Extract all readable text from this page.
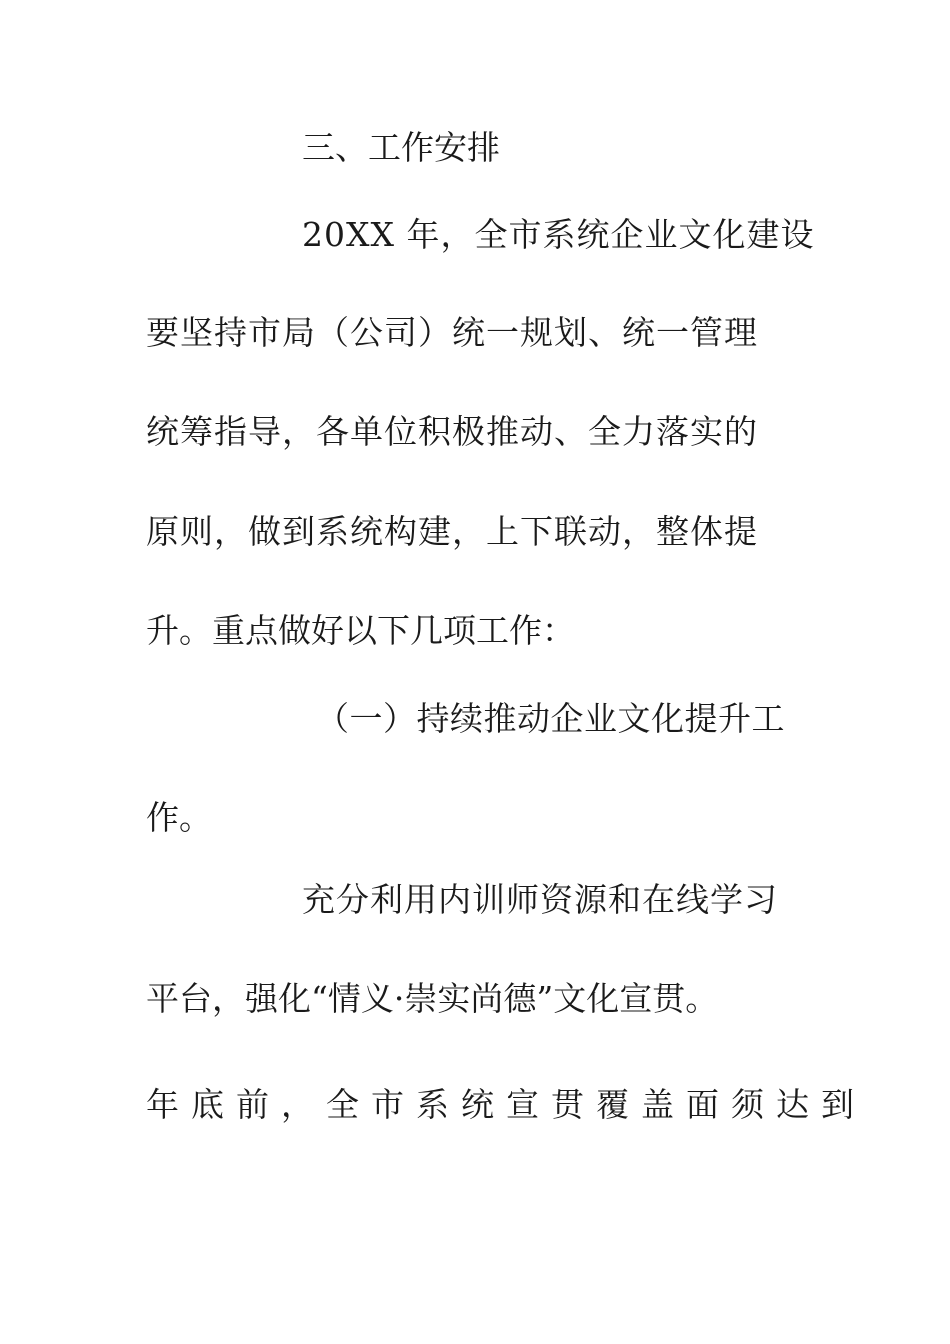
三、工作安排

20XX 年，全市系统企业文化建设

要坚持市局（公司）统一规划、统一管理

统筹指导，各单位积极推动、全力落实的

原则，做到系统构建，上下联动，整体提

升。重点做好以下几项工作：

（一）持续推动企业文化提升工

作。

充分利用内训师资源和在线学习

平台，强化“情义·崇实尚德”文化宣贯。

年底前，全市系统宣贯覆盖面须达到
